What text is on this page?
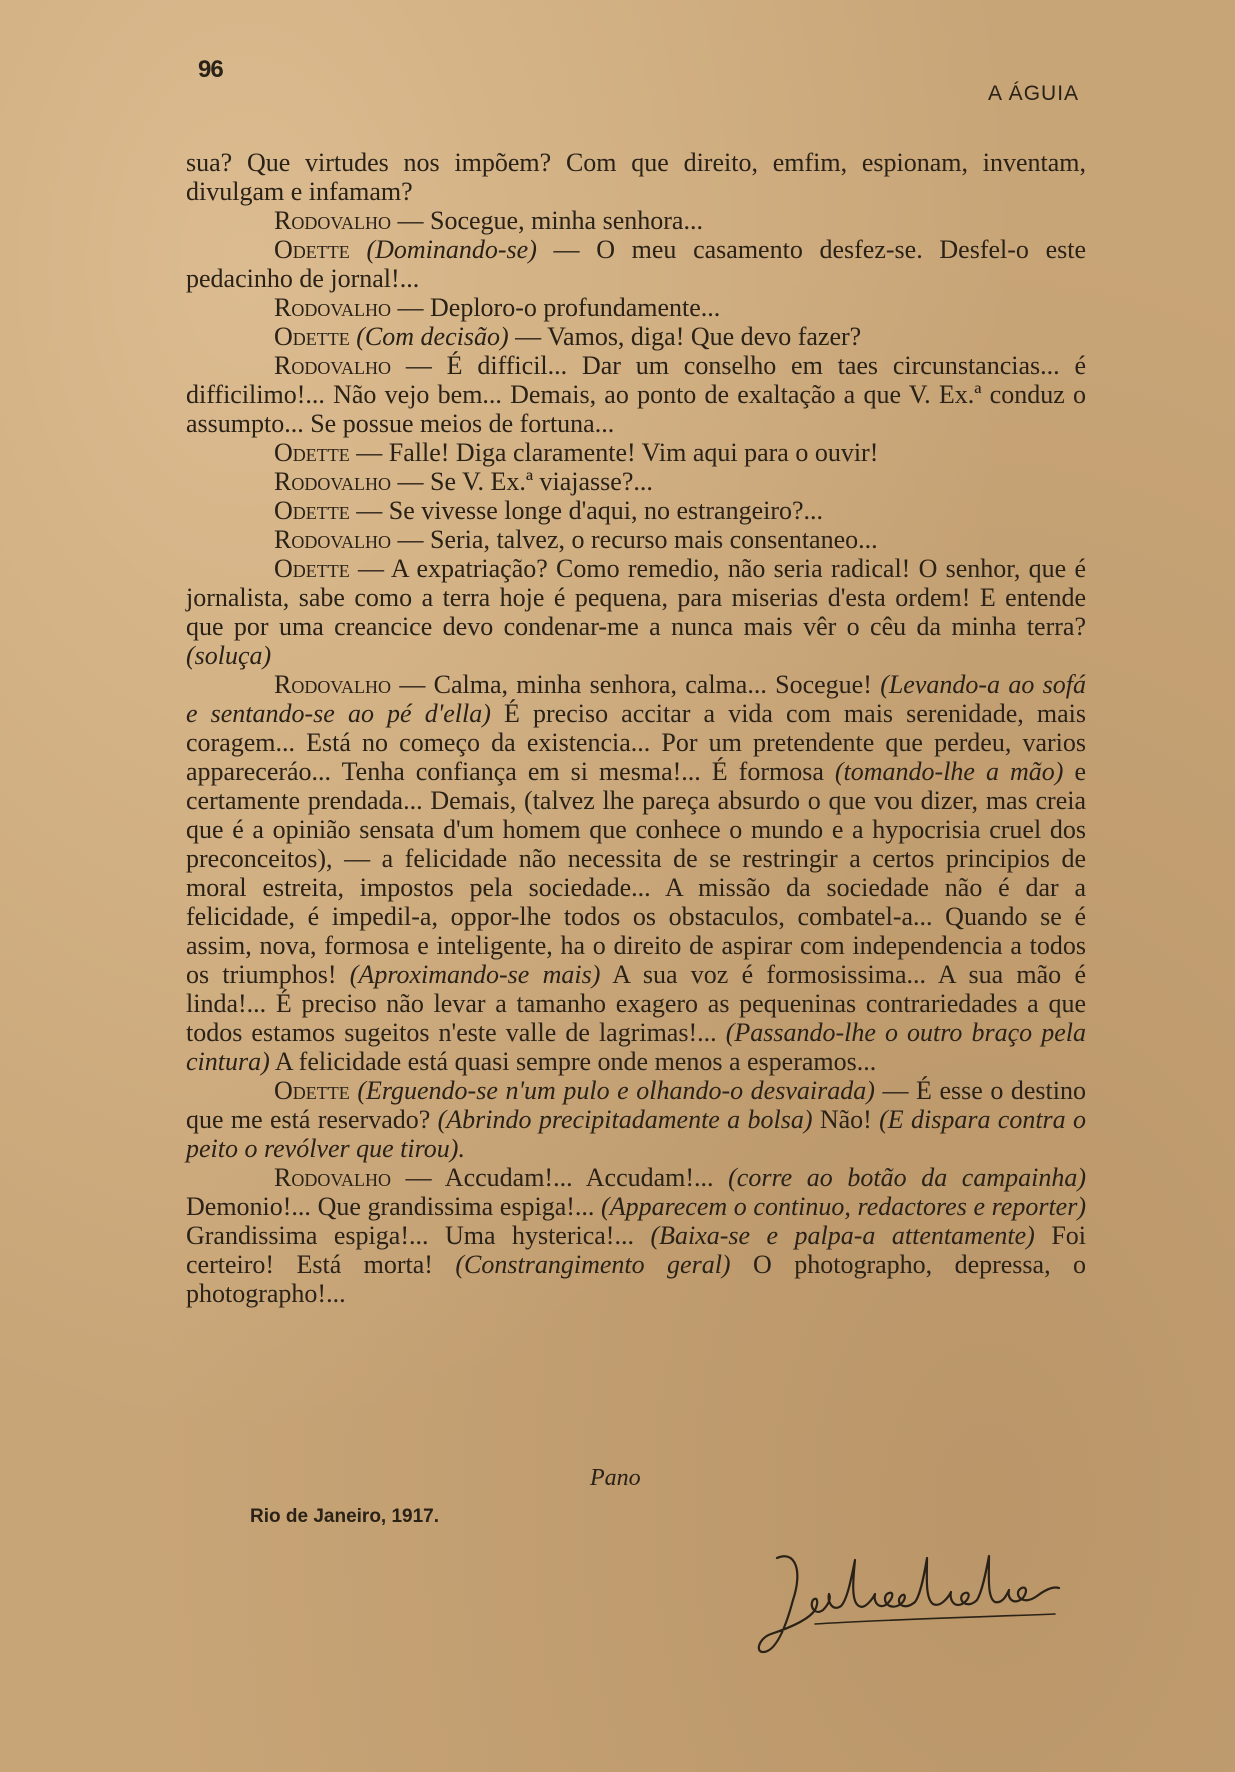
96
A ÁGUIA

sua? Que virtudes nos impõem? Com que direito, emfim, espionam, inventam, divulgam e infamam?

Rodovalho — Socegue, minha senhora...

Odette (Dominando-se) — O meu casamento desfez-se. Desfel-o este pedacinho de jornal!...

Rodovalho — Deploro-o profundamente...

Odette (Com decisão) — Vamos, diga! Que devo fazer?

Rodovalho — É difficil... Dar um conselho em taes circunstancias... é difficilimo!... Não vejo bem... Demais, ao ponto de exaltação a que V. Ex.ª conduz o assumpto... Se possue meios de fortuna...

Odette — Falle! Diga claramente! Vim aqui para o ouvir!

Rodovalho — Se V. Ex.ª viajasse?...

Odette — Se vivesse longe d'aqui, no estrangeiro?...

Rodovalho — Seria, talvez, o recurso mais consentaneo...

Odette — A expatriação? Como remedio, não seria radical! O senhor, que é jornalista, sabe como a terra hoje é pequena, para miserias d'esta ordem! E entende que por uma creancice devo condenar-me a nunca mais vêr o cêu da minha terra? (soluça)

Rodovalho — Calma, minha senhora, calma... Socegue! (Levando-a ao sofá e sentando-se ao pé d'ella) É preciso accitar a vida com mais serenidade, mais coragem... Está no começo da existencia... Por um pretendente que perdeu, varios appareceráo... Tenha confiança em si mesma!... É formosa (tomando-lhe a mão) e certamente prendada... Demais, (talvez lhe pareça absurdo o que vou dizer, mas creia que é a opinião sensata d'um homem que conhece o mundo e a hypocrisia cruel dos preconceitos), — a felicidade não necessita de se restringir a certos principios de moral estreita, impostos pela sociedade... A missão da sociedade não é dar a felicidade, é impedil-a, oppor-lhe todos os obstaculos, combatel-a... Quando se é assim, nova, formosa e inteligente, ha o direito de aspirar com independencia a todos os triumphos! (Aproximando-se mais) A sua voz é formosissima... A sua mão é linda!... É preciso não levar a tamanho exagero as pequeninas contrariedades a que todos estamos sugeitos n'este valle de lagrimas!... (Passando-lhe o outro braço pela cintura) A felicidade está quasi sempre onde menos a esperamos...

Odette (Erguendo-se n'um pulo e olhando-o desvairada) — É esse o destino que me está reservado? (Abrindo precipitadamente a bolsa) Não! (E dispara contra o peito o revólver que tirou).

Rodovalho — Accudam!... Accudam!... (corre ao botão da campainha) Demonio!... Que grandissima espiga!... (Apparecem o continuo, redactores e reporter) Grandissima espiga!... Uma hysterica!... (Baixa-se e palpa-a attentamente) Foi certeiro! Está morta! (Constrangimento geral) O photographo, depressa, o photographo!...

Pano
Rio de Janeiro, 1917.
